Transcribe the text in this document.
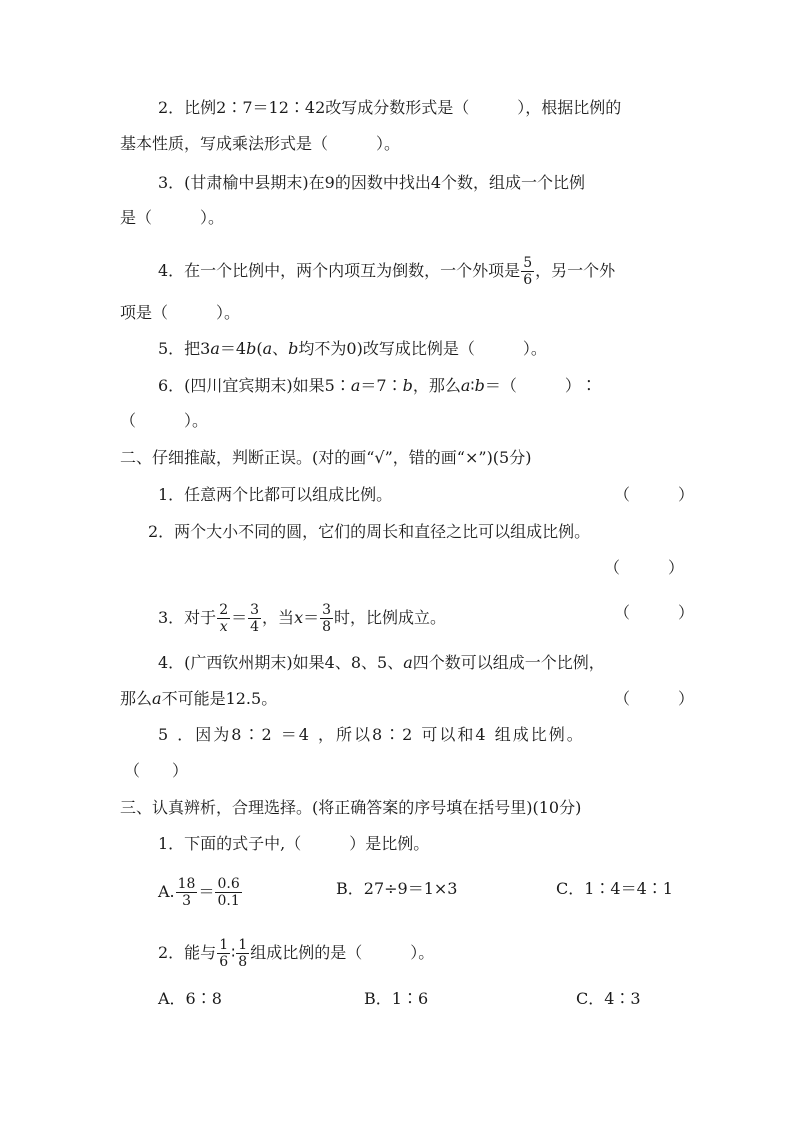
2．比例2∶7＝12∶42改写成分数形式是（　　　），根据比例的
基本性质，写成乘法形式是（　　　）。
3．(甘肃榆中县期末)在9的因数中找出4个数，组成一个比例
是（　　　）。
4．在一个比例中，两个内项互为倒数，一个外项是 $\frac{5}{6}$ ，另一个外
项是（　　　）。
5．把3a＝4b(a、b均不为0)改写成比例是（　　　）。
6．(四川宜宾期末)如果5∶a＝7∶b，那么a∶b＝（　　　）∶
（　　　）。
二、仔细推敲，判断正误。(对的画“√”，错的画“×”)(5分)
1．任意两个比都可以组成比例。	（　　　）
2．两个大小不同的圆，它们的周长和直径之比可以组成比例。
（　　　）
3．对于 $\frac{2}{x} = \frac{3}{4}$ ，当$x= \frac{3}{8}$ 时，比例成立。	（　　　）
4．(广西钦州期末)如果4、8、5、a四个数可以组成一个比例，
那么a不可能是12.5。	（　　　）
5 ．因为8∶2 ＝4 ，所以8∶2 可以和4 组成比例。
（　　）
三、认真辨析，合理选择。(将正确答案的序号填在括号里)(10分)
1．下面的式子中,（　　　）是比例。
A. $\frac{18}{3} = \frac{0.6}{0.1}$	B．27÷9＝1×3	C．1∶4＝4∶1
2．能与 $\frac{1}{6}$ ∶ $\frac{1}{8}$ 组成比例的是（　　　）。
A．6∶8	B．1∶6	C．4∶3
